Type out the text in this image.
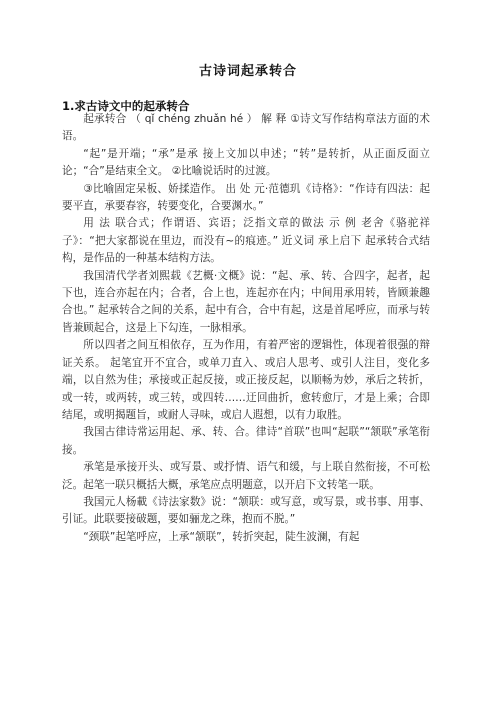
古诗词起承转合
1.求古诗文中的起承转合

起承转合 （ qǐ chéng zhuǎn hé ） 解 释 ①诗文写作结构章法方面的术语。

“起”是开端；“承”是承 接上文加以申述；“转”是转折，从正面反面立论；“合”是结束全文。 ②比喻说话时的过渡。

③比喻固定呆板、娇揉造作。 出 处 元·范德玑《诗格》：“作诗有四法：起要平直，承要春容，转要变化，合要渊水。”

用 法 联合式；作谓语、宾语；泛指文章的做法 示 例 老舍《骆驼祥子》：“把大家都说在里边，而没有~的痕迹。” 近义词 承上启下 起承转合式结构，是作品的一种基本结构方法。

我国清代学者刘熙载《艺概·文概》说：“起、承、转、合四字，起者，起下也，连合亦起在内；合者，合上也，连起亦在内；中间用承用转，皆顾兼趣合也。” 起承转合之间的关系，起中有合，合中有起，这是首尾呼应，而承与转皆兼顾起合，这是上下勾连，一脉相承。

所以四者之间互相依存，互为作用，有着严密的逻辑性，体现着很强的辩证关系。 起笔宜开不宜合，或单刀直入、或启人思考、或引人注目，变化多端，以自然为佳；承接或正起反接，或正接反起，以顺畅为妙，承后之转折，或一转，或两转，或三转，或四转……迂回曲折，愈转愈厅，才是上乘；合即结尾，或明揭题旨，或耐人寻味，或启人遐想，以有力取胜。

我国古律诗常运用起、承、转、合。律诗“首联”也叫“起联”“颔联”承笔衔接。

承笔是承接开头、或写景、或抒情、语气和缓，与上联自然衔接，不可松泛。起笔一联只概括大概，承笔应点明题意，以开启下文转笔一联。

我国元人杨載《诗法家数》说：“颔联：或写意，或写景，或书事、用事、引证。此联要接破题，要如骊龙之珠，抱而不脱。”

“颈联”起笔呼应，上承“颔联”，转折突起，陡生波澜，有起
